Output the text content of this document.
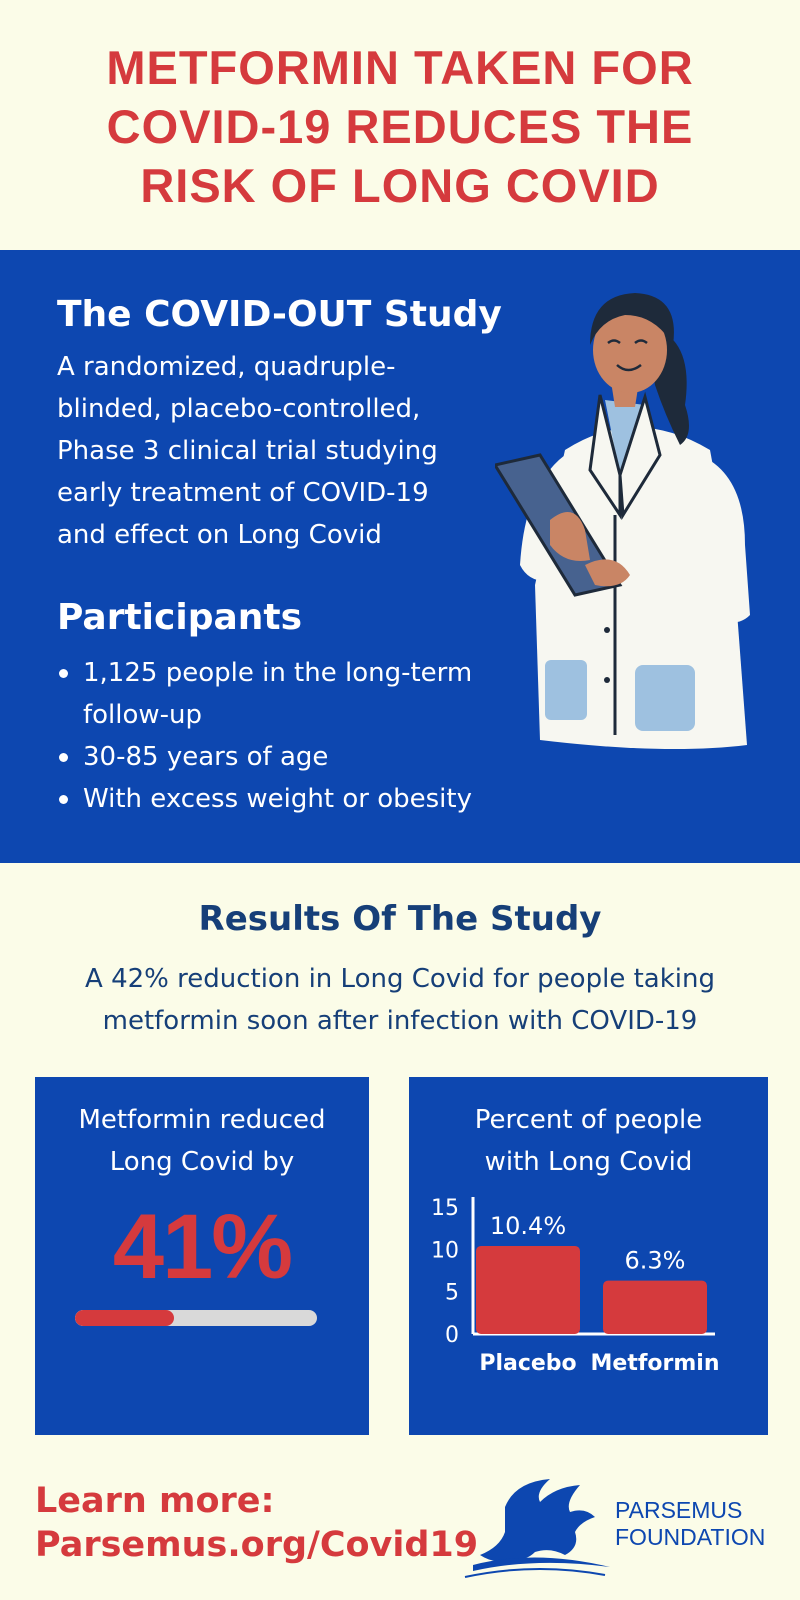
METFORMIN TAKEN FOR
COVID-19 REDUCES THE
RISK OF LONG COVID
The COVID-OUT Study

A randomized, quadruple-
blinded, placebo-controlled,
Phase 3 clinical trial studying
early treatment of COVID-19
and effect on Long Covid

Participants
1,125 people in the long-term
follow-up
30-85 years of age
With excess weight or obesity
Results Of The Study

A 42% reduction in Long Covid for people taking
metformin soon after infection with COVID-19

Metformin reduced
Long Covid by
41%
Percent of people
with Long Covid
0
5
10
15
10.4%
Placebo
6.3%
Metformin
Learn more:
Parsemus.org/Covid19
PARSEMUS
FOUNDATION
